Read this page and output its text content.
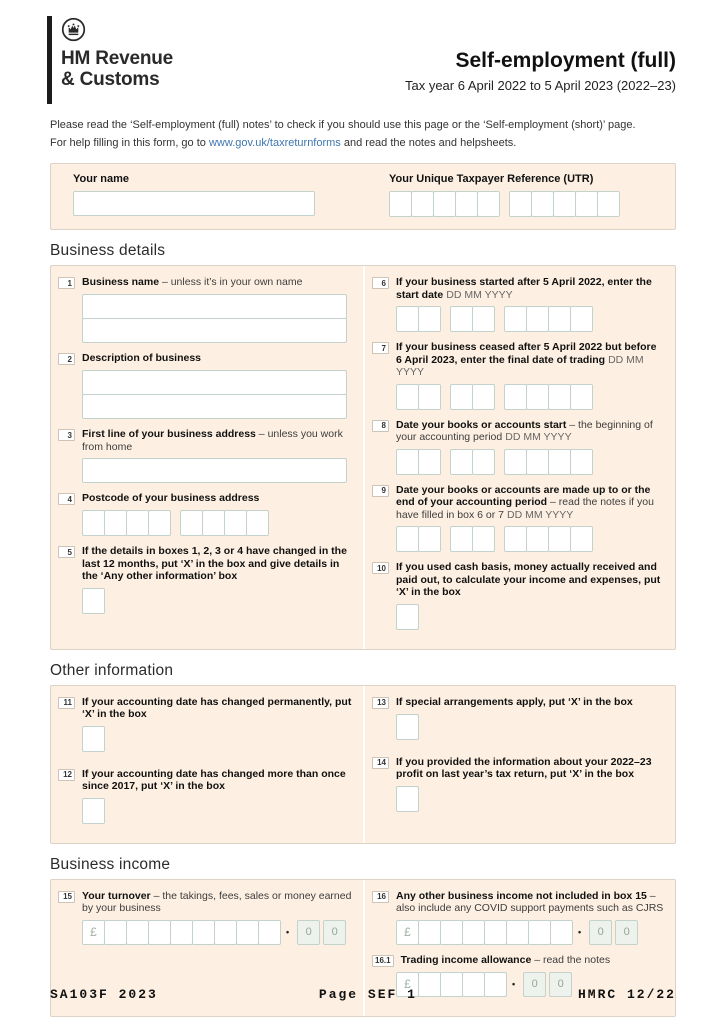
HM Revenue
& Customs
Self-employment (full)
Tax year 6 April 2022 to 5 April 2023 (2022–23)
Please read the ‘Self-employment (full) notes’ to check if you should use this page or the ‘Self-employment (short)’ page.
For help filling in this form, go to www.gov.uk/taxreturnforms and read the notes and helpsheets.
Your name	Your Unique Taxpayer Reference (UTR)
Business details
1 Business name – unless it’s in your own name
2 Description of business
3 First line of your business address – unless you work from home
4 Postcode of your business address
5 If the details in boxes 1, 2, 3 or 4 have changed in the last 12 months, put ‘X’ in the box and give details in the ‘Any other information’ box
6 If your business started after 5 April 2022, enter the start date DD MM YYYY
7 If your business ceased after 5 April 2022 but before 6 April 2023, enter the final date of trading DD MM YYYY
8 Date your books or accounts start – the beginning of your accounting period DD MM YYYY
9 Date your books or accounts are made up to or the end of your accounting period – read the notes if you have filled in box 6 or 7 DD MM YYYY
10 If you used cash basis, money actually received and paid out, to calculate your income and expenses, put ‘X’ in the box
Other information
11 If your accounting date has changed permanently, put ‘X’ in the box
12 If your accounting date has changed more than once since 2017, put ‘X’ in the box
13 If special arrangements apply, put ‘X’ in the box
14 If you provided the information about your 2022–23 profit on last year’s tax return, put ‘X’ in the box
Business income
15 Your turnover – the takings, fees, sales or money earned by your business
£	•	0	0
16 Any other business income not included in box 15 – also include any COVID support payments such as CJRS
£	•	0	0
16.1 Trading income allowance – read the notes
£	•	0	0
SA103F 2023	Page SEF 1	HMRC 12/22
